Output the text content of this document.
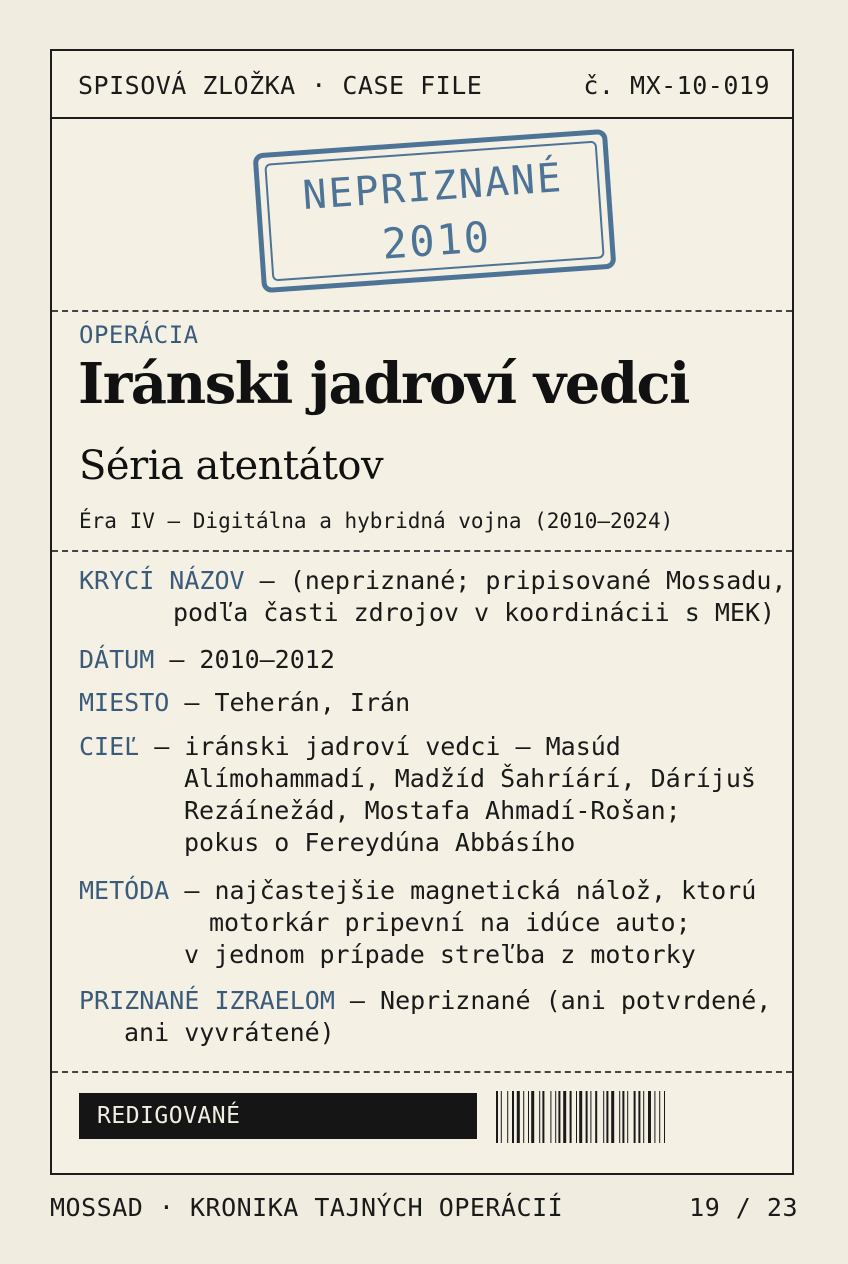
SPISOVÁ ZLOŽKA · CASE FILE	č. MX-10-019
NEPRIZNANÉ
2010
OPERÁCIA
Iránski jadroví vedci
Séria atentátov
Éra IV — Digitálna a hybridná vojna (2010–2024)
KRYCÍ NÁZOV — (nepriznané; pripisované Mossadu,
podľa časti zdrojov v koordinácii s MEK)
DÁTUM — 2010–2012
MIESTO — Teherán, Irán
CIEĽ — iránski jadroví vedci — Masúd
Alímohammadí, Madžíd Šahríárí, Dáríjuš
Rezáínežád, Mostafa Ahmadí-Rošan;
pokus o Fereydúna Abbásího
METÓDA — najčastejšie magnetická nálož, ktorú
motorkár pripevní na idúce auto;
v jednom prípade streľba z motorky
PRIZNANÉ IZRAELOM — Nepriznané (ani potvrdené,
ani vyvrátené)
REDIGOVANÉ
MOSSAD · KRONIKA TAJNÝCH OPERÁCIÍ	19 / 23
